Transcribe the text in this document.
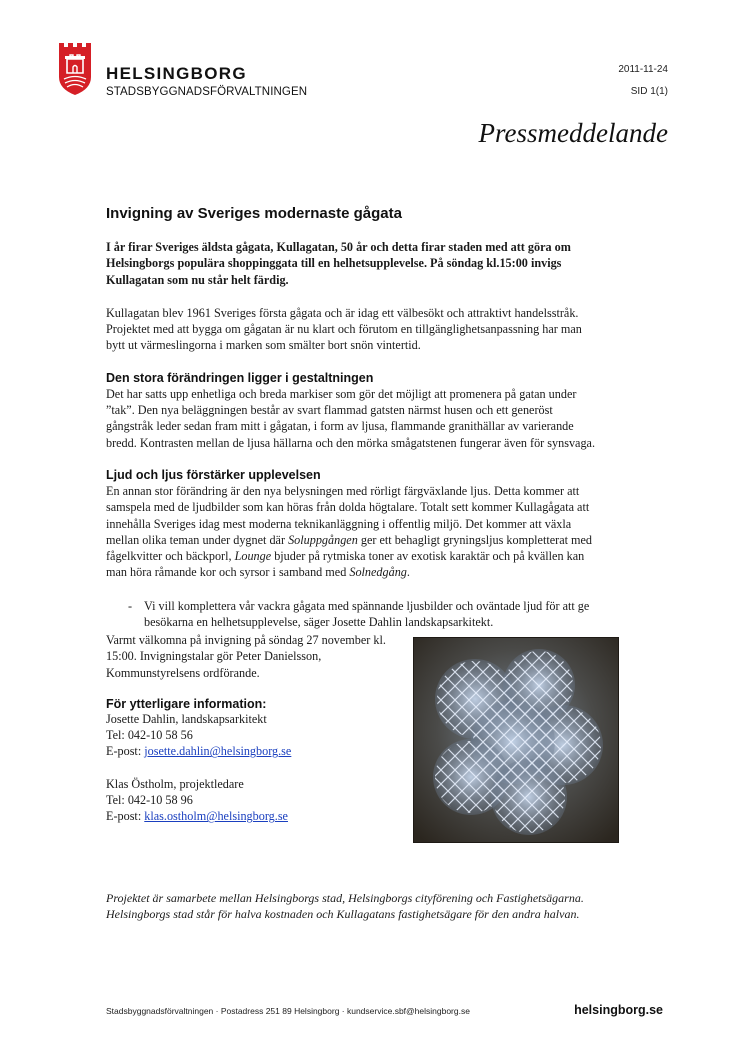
HELSINGBORG
STADSBYGGNADSFÖRVALTNINGEN
2011-11-24
SID 1(1)
Pressmeddelande
Invigning av Sveriges modernaste gågata

I år firar Sveriges äldsta gågata, Kullagatan, 50 år och detta firar staden med att göra om Helsingborgs populära shoppinggata till en helhetsupplevelse. På söndag kl.15:00 invigs Kullagatan som nu står helt färdig.

Kullagatan blev 1961 Sveriges första gågata och är idag ett välbesökt och attraktivt handelsstråk. Projektet med att bygga om gågatan är nu klart och förutom en tillgänglighetsanpassning har man bytt ut värmeslingorna i marken som smälter bort snön vintertid.

Den stora förändringen ligger i gestaltningen

Det har satts upp enhetliga och breda markiser som gör det möjligt att promenera på gatan under ”tak”. Den nya beläggningen består av svart flammad gatsten närmst husen och ett generöst gångstråk leder sedan fram mitt i gågatan, i form av ljusa, flammande granithällar av varierande bredd. Kontrasten mellan de ljusa hällarna och den mörka smågatstenen fungerar även för synsvaga.

Ljud och ljus förstärker upplevelsen

En annan stor förändring är den nya belysningen med rörligt färgväxlande ljus. Detta kommer att samspela med de ljudbilder som kan höras från dolda högtalare. Totalt sett kommer Kullagågata att innehålla Sveriges idag mest moderna teknikanläggning i offentlig miljö. Det kommer att växla mellan olika teman under dygnet där Soluppgången ger ett behagligt gryningsljus kompletterat med fågelkvitter och bäckporl, Lounge bjuder på rytmiska toner av exotisk karaktär och på kvällen kan man höra råmande kor och syrsor i samband med Solnedgång.

- Vi vill komplettera vår vackra gågata med spännande ljusbilder och oväntade ljud för att ge besökarna en helhetsupplevelse, säger Josette Dahlin landskapsarkitekt.

Varmt välkomna på invigning på söndag 27 november kl. 15:00. Invigningstalar gör Peter Danielsson, Kommunstyrelsens ordförande.

För ytterligare information:

Josette Dahlin, landskapsarkitekt

Tel: 042-10 58 56

E-post: josette.dahlin@helsingborg.se

Klas Östholm, projektledare

Tel: 042-10 58 96

E-post: klas.ostholm@helsingborg.se

Projektet är samarbete mellan Helsingborgs stad, Helsingborgs cityförening och Fastighetsägarna. Helsingborgs stad står för halva kostnaden och Kullagatans fastighetsägare för den andra halvan.

Stadsbyggnadsförvaltningen · Postadress 251 89 Helsingborg · kundservice.sbf@helsingborg.se	helsingborg.se
